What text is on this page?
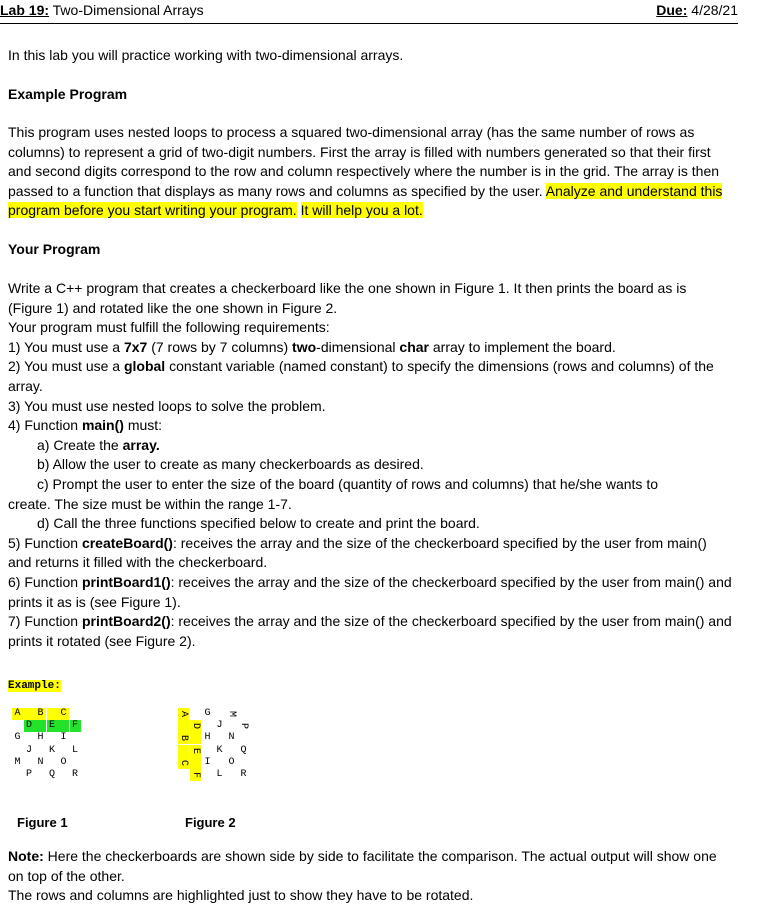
Lab 19: Two-Dimensional Arrays	Due: 4/28/21
In this lab you will practice working with two-dimensional arrays.
Example Program
This program uses nested loops to process a squared two-dimensional array (has the same number of rows as columns) to represent a grid of two-digit numbers. First the array is filled with numbers generated so that their first and second digits correspond to the row and column respectively where the number is in the grid. The array is then passed to a function that displays as many rows and columns as specified by the user. Analyze and understand this program before you start writing your program. It will help you a lot.
Your Program
Write a C++ program that creates a checkerboard like the one shown in Figure 1. It then prints the board as is (Figure 1) and rotated like the one shown in Figure 2.
Your program must fulfill the following requirements:
1) You must use a 7x7 (7 rows by 7 columns) two-dimensional char array to implement the board.
2) You must use a global constant variable (named constant) to specify the dimensions (rows and columns) of the array.
3) You must use nested loops to solve the problem.
4) Function main() must:
a) Create the array.
b) Allow the user to create as many checkerboards as desired.
c) Prompt the user to enter the size of the board (quantity of rows and columns) that he/she wants to
create. The size must be within the range 1-7.
d) Call the three functions specified below to create and print the board.
5) Function createBoard(): receives the array and the size of the checkerboard specified by the user from main() and returns it filled with the checkerboard.
6) Function printBoard1(): receives the array and the size of the checkerboard specified by the user from main() and prints it as is (see Figure 1).
7) Function printBoard2(): receives the array and the size of the checkerboard specified by the user from main() and prints it rotated (see Figure 2).
Example:
A B C
D E F
G H I
J K L
M N O
P Q R
A
B
C
D
E
F
G
H
I
J
K
L
M
N
O
P
Q
R
Figure 1	Figure 2
Note: Here the checkerboards are shown side by side to facilitate the comparison. The actual output will show one on top of the other.
The rows and columns are highlighted just to show they have to be rotated.
